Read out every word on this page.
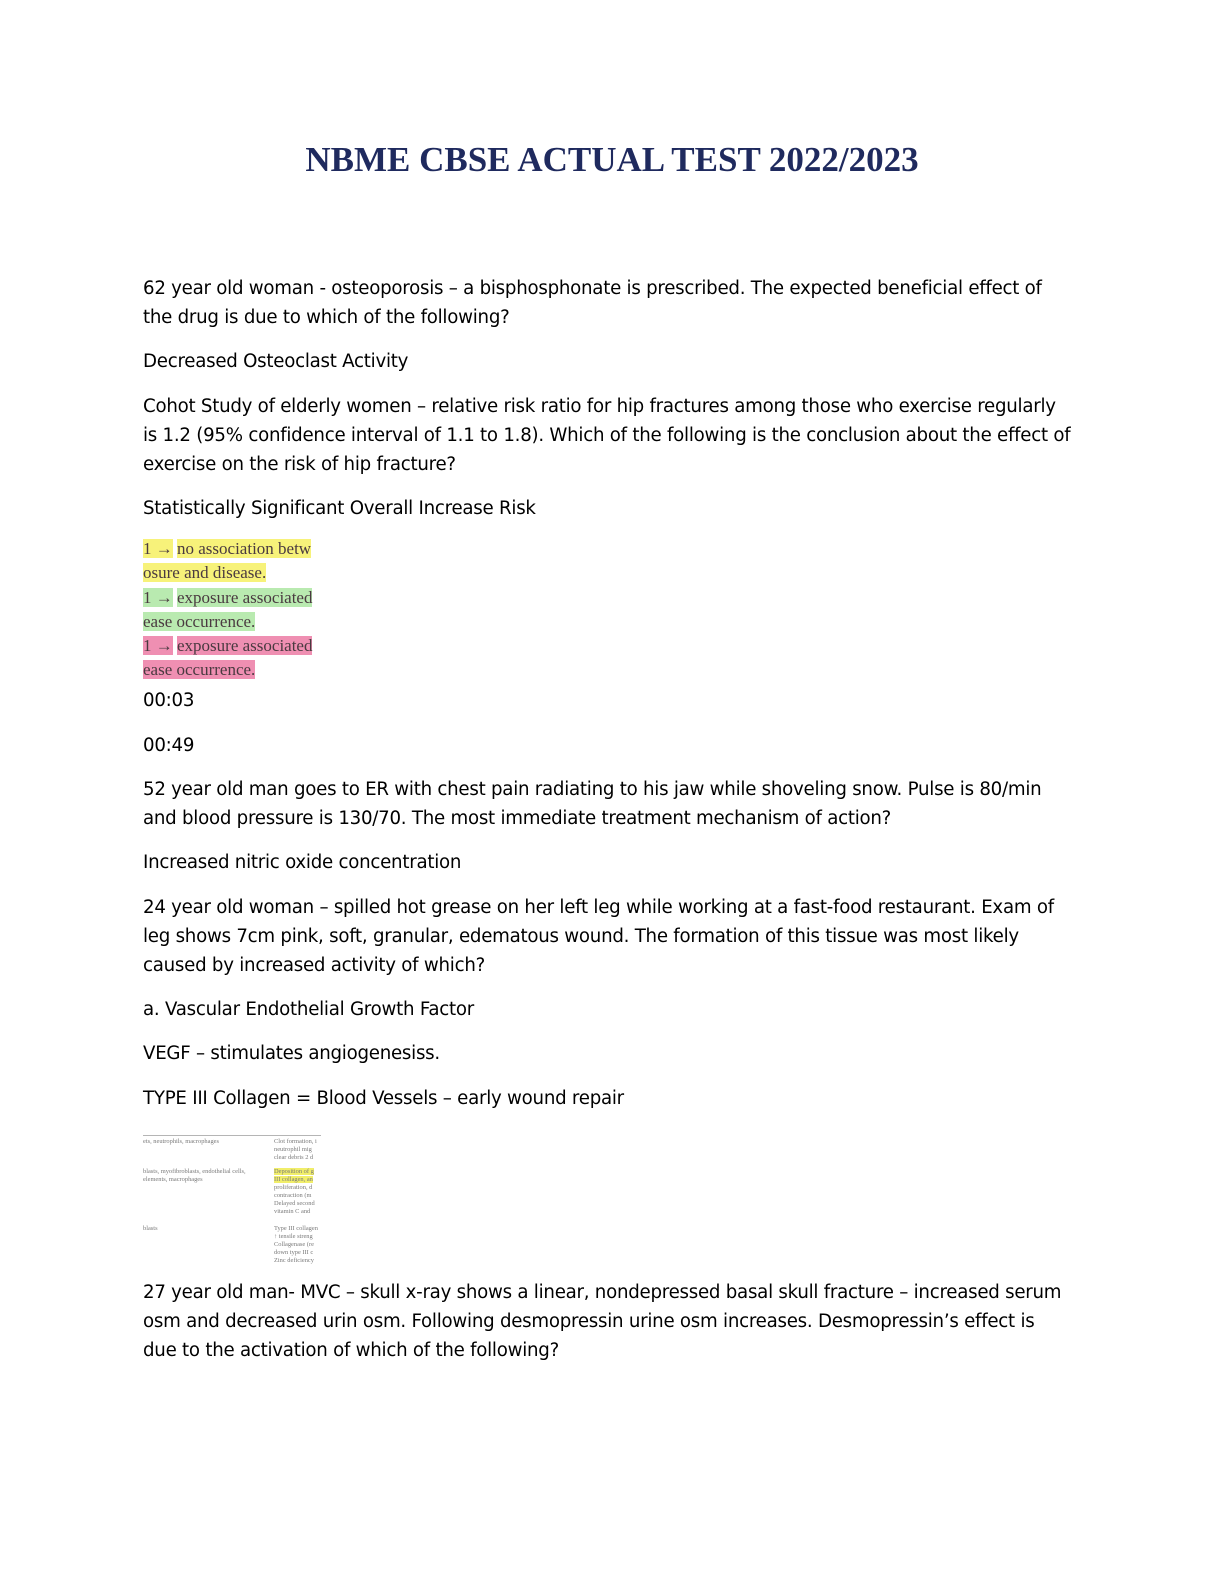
NBME CBSE ACTUAL TEST 2022/2023

62 year old woman - osteoporosis – a bisphosphonate is prescribed. The expected beneficial effect of the drug is due to which of the following?

Decreased Osteoclast Activity

Cohot Study of elderly women – relative risk ratio for hip fractures among those who exercise regularly is 1.2 (95% confidence interval of 1.1 to 1.8). Which of the following is the conclusion about the effect of exercise on the risk of hip fracture?

Statistically Significant Overall Increase Risk

1 → no association betw
osure and disease.
1 → exposure associated
ease occurrence.
1 → exposure associated
ease occurrence.

00:03

00:49

52 year old man goes to ER with chest pain radiating to his jaw while shoveling snow. Pulse is 80/min and blood pressure is 130/70. The most immediate treatment mechanism of action?

Increased nitric oxide concentration

24 year old woman – spilled hot grease on her left leg while working at a fast-food restaurant. Exam of leg shows 7cm pink, soft, granular, edematous wound. The formation of this tissue was most likely caused by increased activity of which?

a. Vascular Endothelial Growth Factor

VEGF – stimulates angiogenesiss.

TYPE III Collagen = Blood Vessels – early wound repair

ets, neutrophils, macrophages	Clot formation, i
neutrophil mig
clear debris 2 d
blasts, myofibroblasts, endothelial cells,
elements, macrophages
Deposition of g
III collagen, an
proliferation, d
contraction (m
Delayed second
vitamin C and
blasts	Type III collagen
↑ tensile streng
Collagenase (re
down type III c
Zinc deficiency

27 year old man- MVC – skull x-ray shows a linear, nondepressed basal skull fracture – increased serum osm and decreased urin osm. Following desmopressin urine osm increases. Desmopressin’s effect is due to the activation of which of the following?
